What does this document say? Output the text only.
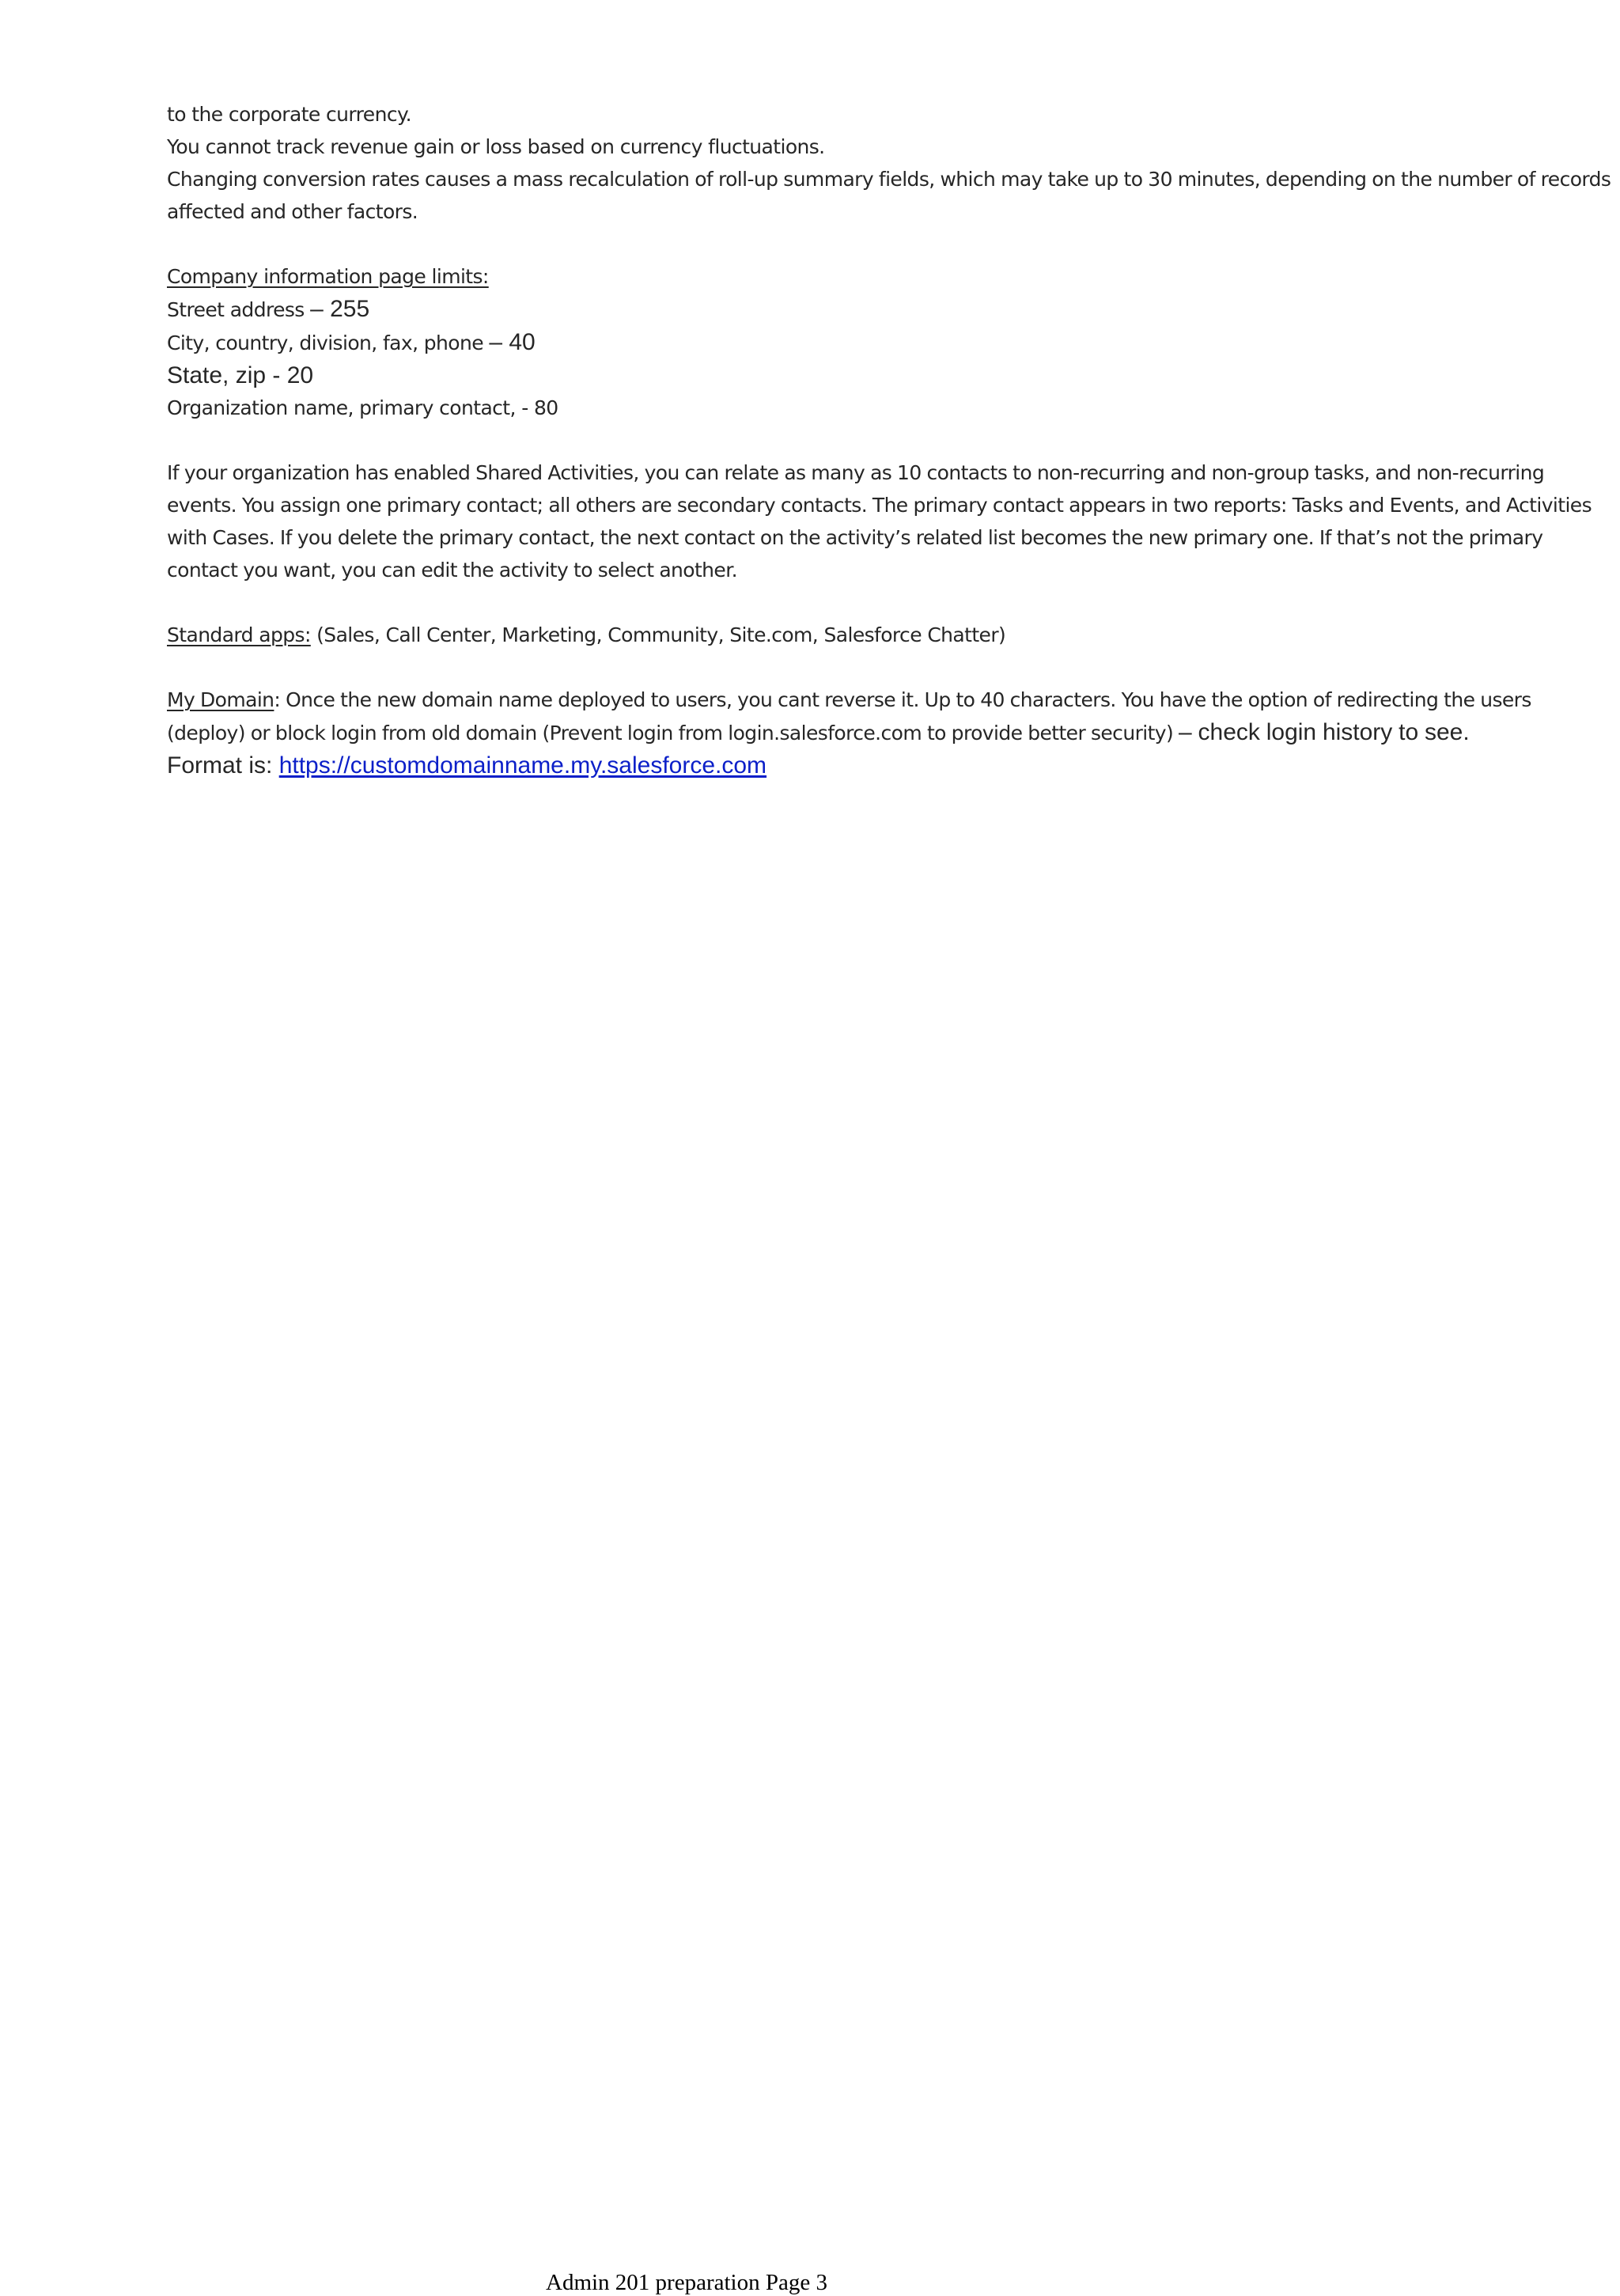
to the corporate currency.

You cannot track revenue gain or loss based on currency fluctuations.

Changing conversion rates causes a mass recalculation of roll-up summary fields, which may take up to 30 minutes, depending on the number of records affected and other factors.

Company information page limits:

Street address – 255

City, country, division, fax, phone – 40

State, zip - 20

Organization name, primary contact, - 80

If your organization has enabled Shared Activities, you can relate as many as 10 contacts to non-recurring and non-group tasks, and non-recurring events. You assign one primary contact; all others are secondary contacts. The primary contact appears in two reports: Tasks and Events, and Activities with Cases. If you delete the primary contact, the next contact on the activity’s related list becomes the new primary one. If that’s not the primary contact you want, you can edit the activity to select another.

Standard apps: (Sales, Call Center, Marketing, Community, Site.com, Salesforce Chatter)

My Domain: Once the new domain name deployed to users, you cant reverse it. Up to 40 characters. You have the option of redirecting the users (deploy) or block login from old domain (Prevent login from login.salesforce.com to provide better security) – check login history to see.

Format is: https://customdomainname.my.salesforce.com

Admin 201 preparation Page 3
